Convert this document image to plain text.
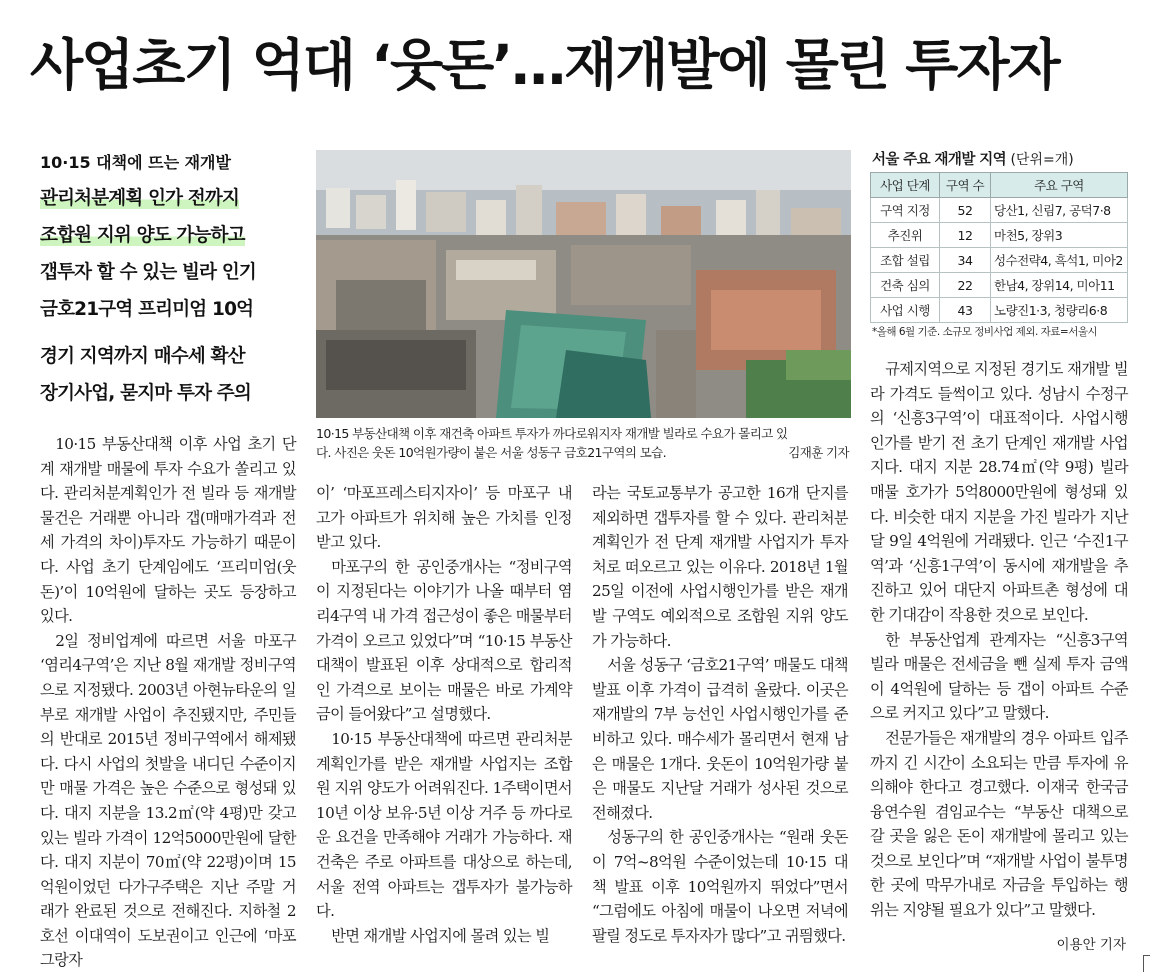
사업초기 억대 ‘웃돈’…재개발에 몰린 투자자
10·15 대책에 뜨는 재개발
관리처분계획 인가 전까지
조합원 지위 양도 가능하고
갭투자 할 수 있는 빌라 인기
금호21구역 프리미엄 10억
경기 지역까지 매수세 확산
장기사업, 묻지마 투자 주의

10·15 부동산대책 이후 사업 초기 단계 재개발 매물에 투자 수요가 쏠리고 있다. 관리처분계획인가 전 빌라 등 재개발 물건은 거래뿐 아니라 갭(매매가격과 전세 가격의 차이)투자도 가능하기 때문이다. 사업 초기 단계임에도 ‘프리미엄(웃돈)’이 10억원에 달하는 곳도 등장하고 있다.

2일 정비업계에 따르면 서울 마포구 ‘염리4구역’은 지난 8월 재개발 정비구역으로 지정됐다. 2003년 아현뉴타운의 일부로 재개발 사업이 추진됐지만, 주민들의 반대로 2015년 정비구역에서 해제됐다. 다시 사업의 첫발을 내디딘 수준이지만 매물 가격은 높은 수준으로 형성돼 있다. 대지 지분을 13.2㎡(약 4평)만 갖고 있는 빌라 가격이 12억5000만원에 달한다. 대지 지분이 70㎡(약 22평)이며 15억원이었던 다가구주택은 지난 주말 거래가 완료된 것으로 전해진다. 지하철 2호선 이대역이 도보권이고 인근에 ‘마포그랑자

10·15 부동산대책 이후 재건축 아파트 투자가 까다로워지자 재개발 빌라로 수요가 몰리고 있
다. 사진은 웃돈 10억원가량이 붙은 서울 성동구 금호21구역의 모습.	김재훈 기자

이’ ‘마포프레스티지자이’ 등 마포구 내 고가 아파트가 위치해 높은 가치를 인정받고 있다.

마포구의 한 공인중개사는 “정비구역이 지정된다는 이야기가 나올 때부터 염리4구역 내 가격 접근성이 좋은 매물부터 가격이 오르고 있었다”며 “10·15 부동산대책이 발표된 이후 상대적으로 합리적인 가격으로 보이는 매물은 바로 가계약금이 들어왔다”고 설명했다.

10·15 부동산대책에 따르면 관리처분계획인가를 받은 재개발 사업지는 조합원 지위 양도가 어려워진다. 1주택이면서 10년 이상 보유·5년 이상 거주 등 까다로운 요건을 만족해야 거래가 가능하다. 재건축은 주로 아파트를 대상으로 하는데, 서울 전역 아파트는 갭투자가 불가능하다.

반면 재개발 사업지에 몰려 있는 빌

라는 국토교통부가 공고한 16개 단지를 제외하면 갭투자를 할 수 있다. 관리처분계획인가 전 단계 재개발 사업지가 투자처로 떠오르고 있는 이유다. 2018년 1월 25일 이전에 사업시행인가를 받은 재개발 구역도 예외적으로 조합원 지위 양도가 가능하다.

서울 성동구 ‘금호21구역’ 매물도 대책 발표 이후 가격이 급격히 올랐다. 이곳은 재개발의 7부 능선인 사업시행인가를 준비하고 있다. 매수세가 몰리면서 현재 남은 매물은 1개다. 웃돈이 10억원가량 붙은 매물도 지난달 거래가 성사된 것으로 전해졌다.

성동구의 한 공인중개사는 “원래 웃돈이 7억~8억원 수준이었는데 10·15 대책 발표 이후 10억원까지 뛰었다”면서 “그럼에도 아침에 매물이 나오면 저녁에 팔릴 정도로 투자자가 많다”고 귀띔했다.

서울 주요 재개발 지역 (단위=개)
사업 단계	구역 수	주요 구역
구역 지정	52	당산1, 신림7, 공덕7·8
추진위	12	마천5, 장위3
조합 설립	34	성수전략4, 흑석1, 미아2
건축 심의	22	한남4, 장위14, 미아11
사업 시행	43	노량진1·3, 청량리6·8
*올해 6월 기준. 소규모 정비사업 제외. 자료=서울시

규제지역으로 지정된 경기도 재개발 빌라 가격도 들썩이고 있다. 성남시 수정구의 ‘신흥3구역’이 대표적이다. 사업시행인가를 받기 전 초기 단계인 재개발 사업지다. 대지 지분 28.74㎡(약 9평) 빌라 매물 호가가 5억8000만원에 형성돼 있다. 비슷한 대지 지분을 가진 빌라가 지난달 9일 4억원에 거래됐다. 인근 ‘수진1구역’과 ‘신흥1구역’이 동시에 재개발을 추진하고 있어 대단지 아파트촌 형성에 대한 기대감이 작용한 것으로 보인다.

한 부동산업계 관계자는 “신흥3구역 빌라 매물은 전세금을 뺀 실제 투자 금액이 4억원에 달하는 등 갭이 아파트 수준으로 커지고 있다”고 말했다.

전문가들은 재개발의 경우 아파트 입주까지 긴 시간이 소요되는 만큼 투자에 유의해야 한다고 경고했다. 이재국 한국금융연수원 겸임교수는 “부동산 대책으로 갈 곳을 잃은 돈이 재개발에 몰리고 있는 것으로 보인다”며 “재개발 사업이 불투명한 곳에 막무가내로 자금을 투입하는 행위는 지양될 필요가 있다”고 말했다.

이용안 기자
